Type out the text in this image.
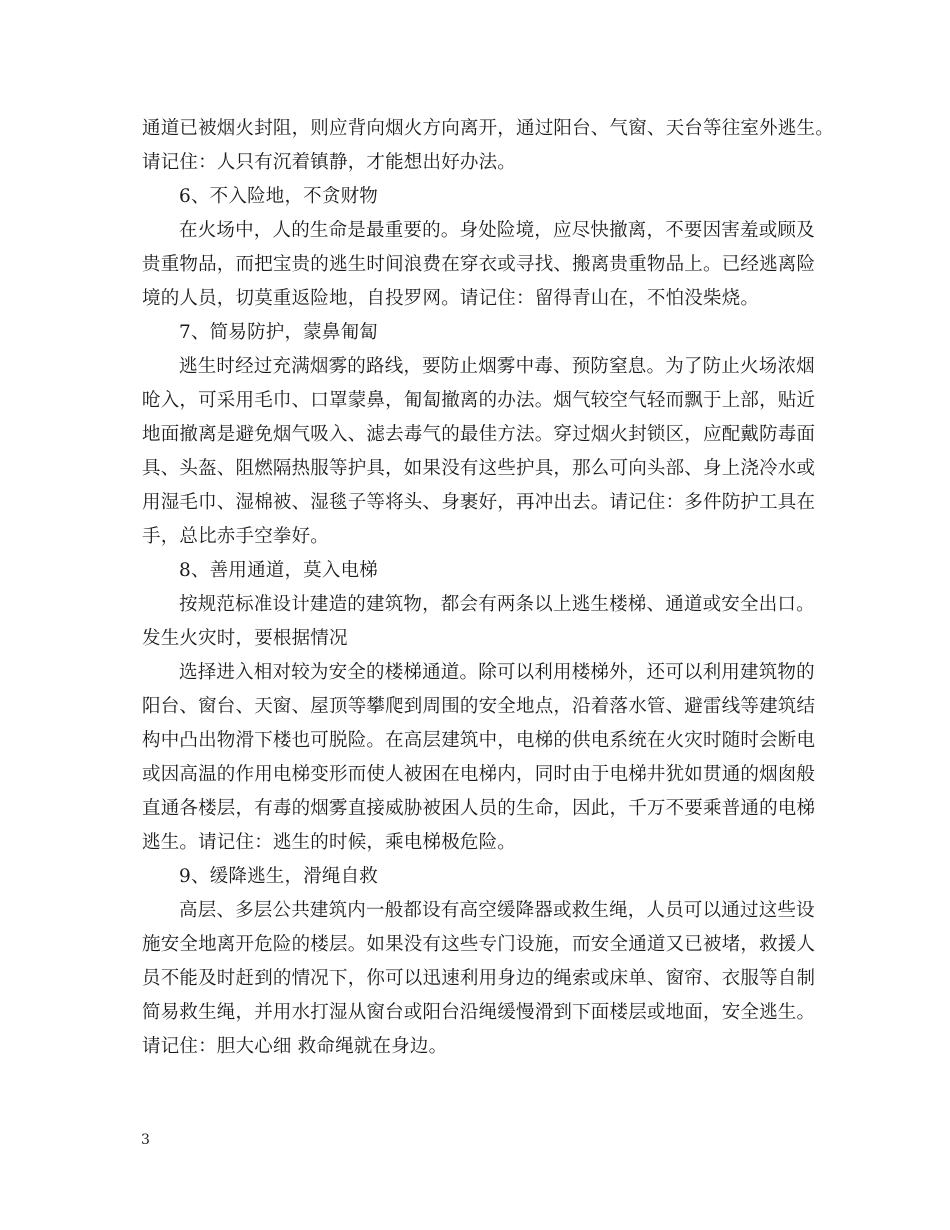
通道已被烟火封阻，则应背向烟火方向离开，通过阳台、气窗、天台等往室外逃生。
请记住：人只有沉着镇静，才能想出好办法。
6、不入险地，不贪财物
在火场中，人的生命是最重要的。身处险境，应尽快撤离，不要因害羞或顾及
贵重物品，而把宝贵的逃生时间浪费在穿衣或寻找、搬离贵重物品上。已经逃离险
境的人员，切莫重返险地，自投罗网。请记住：留得青山在，不怕没柴烧。
7、简易防护，蒙鼻匍匐
逃生时经过充满烟雾的路线，要防止烟雾中毒、预防窒息。为了防止火场浓烟
呛入，可采用毛巾、口罩蒙鼻，匍匐撤离的办法。烟气较空气轻而飘于上部，贴近
地面撤离是避免烟气吸入、滤去毒气的最佳方法。穿过烟火封锁区，应配戴防毒面
具、头盔、阻燃隔热服等护具，如果没有这些护具，那么可向头部、身上浇冷水或
用湿毛巾、湿棉被、湿毯子等将头、身裹好，再冲出去。请记住：多件防护工具在
手，总比赤手空拳好。
8、善用通道，莫入电梯
按规范标准设计建造的建筑物，都会有两条以上逃生楼梯、通道或安全出口。
发生火灾时，要根据情况
选择进入相对较为安全的楼梯通道。除可以利用楼梯外，还可以利用建筑物的
阳台、窗台、天窗、屋顶等攀爬到周围的安全地点，沿着落水管、避雷线等建筑结
构中凸出物滑下楼也可脱险。在高层建筑中，电梯的供电系统在火灾时随时会断电
或因高温的作用电梯变形而使人被困在电梯内，同时由于电梯井犹如贯通的烟囱般
直通各楼层，有毒的烟雾直接威胁被困人员的生命，因此，千万不要乘普通的电梯
逃生。请记住：逃生的时候，乘电梯极危险。
9、缓降逃生，滑绳自救
高层、多层公共建筑内一般都设有高空缓降器或救生绳，人员可以通过这些设
施安全地离开危险的楼层。如果没有这些专门设施，而安全通道又已被堵，救援人
员不能及时赶到的情况下，你可以迅速利用身边的绳索或床单、窗帘、衣服等自制
简易救生绳，并用水打湿从窗台或阳台沿绳缓慢滑到下面楼层或地面，安全逃生。
请记住：胆大心细 救命绳就在身边。
3
